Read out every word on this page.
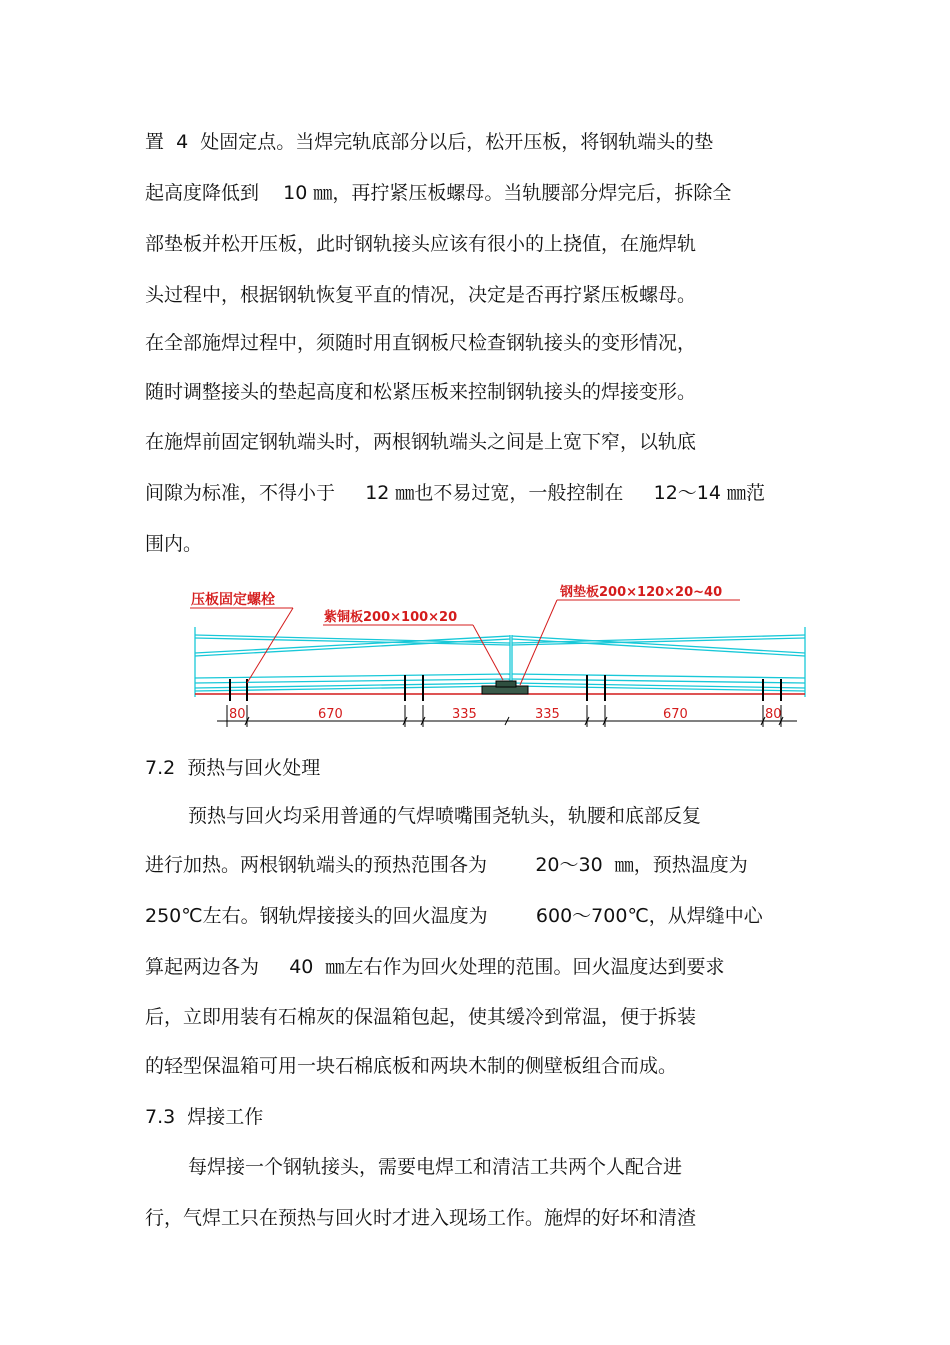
置  4  处固定点。当焊完轨底部分以后，松开压板，将钢轨端头的垫
起高度降低到    10 ㎜，再拧紧压板螺母。当轨腰部分焊完后，拆除全
部垫板并松开压板，此时钢轨接头应该有很小的上挠值，在施焊轨
头过程中，根据钢轨恢复平直的情况，决定是否再拧紧压板螺母。
在全部施焊过程中，须随时用直钢板尺检查钢轨接头的变形情况，
随时调整接头的垫起高度和松紧压板来控制钢轨接头的焊接变形。
在施焊前固定钢轨端头时，两根钢轨端头之间是上宽下窄，以轨底
间隙为标准，不得小于     12 ㎜也不易过宽，一般控制在     12～14 ㎜范
围内。
80	670	335	335	670	80
压板固定螺栓
紫铜板200×100×20
钢垫板200×120×20~40
7.2  预热与回火处理
预热与回火均采用普通的气焊喷嘴围尧轨头，轨腰和底部反复
进行加热。两根钢轨端头的预热范围各为        20～30  ㎜，预热温度为
250℃左右。钢轨焊接接头的回火温度为        600～700℃，从焊缝中心
算起两边各为     40  ㎜左右作为回火处理的范围。回火温度达到要求
后，立即用装有石棉灰的保温箱包起，使其缓冷到常温，便于拆装
的轻型保温箱可用一块石棉底板和两块木制的侧壁板组合而成。
7.3  焊接工作
每焊接一个钢轨接头，需要电焊工和清洁工共两个人配合进
行，气焊工只在预热与回火时才进入现场工作。施焊的好坏和清渣
